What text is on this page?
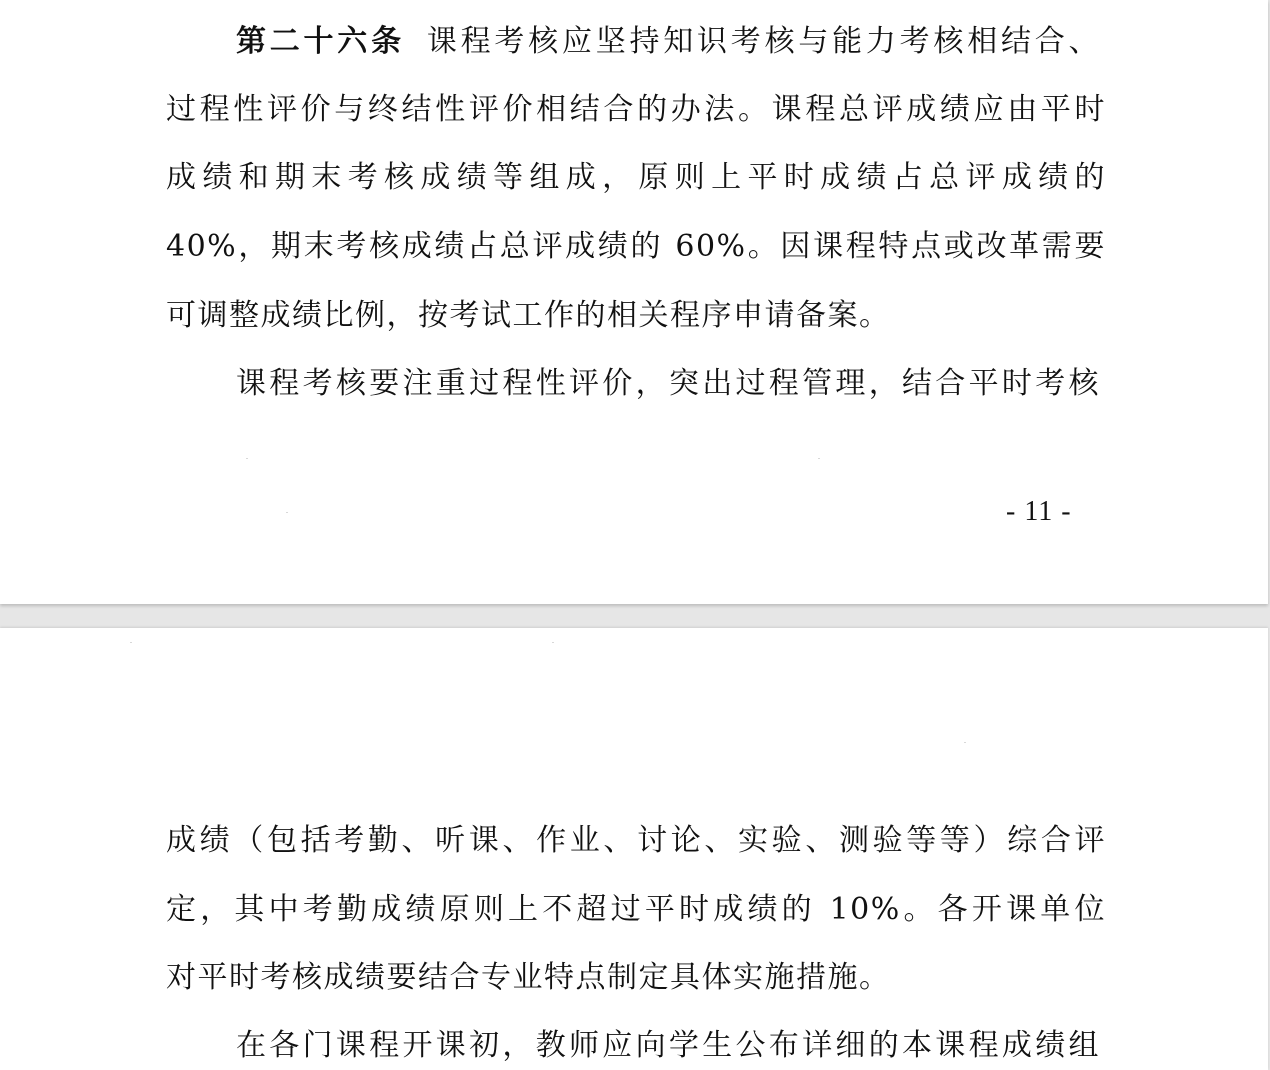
第二十六条 课程考核应坚持知识考核与能力考核相结合、
过程性评价与终结性评价相结合的办法。课程总评成绩应由平时
成绩和期末考核成绩等组成，原则上平时成绩占总评成绩的
40%，期末考核成绩占总评成绩的 60%。因课程特点或改革需要
可调整成绩比例，按考试工作的相关程序申请备案。
课程考核要注重过程性评价，突出过程管理，结合平时考核
- 11 -
成绩（包括考勤、听课、作业、讨论、实验、测验等等）综合评
定，其中考勤成绩原则上不超过平时成绩的 10%。各开课单位
对平时考核成绩要结合专业特点制定具体实施措施。
在各门课程开课初，教师应向学生公布详细的本课程成绩组
